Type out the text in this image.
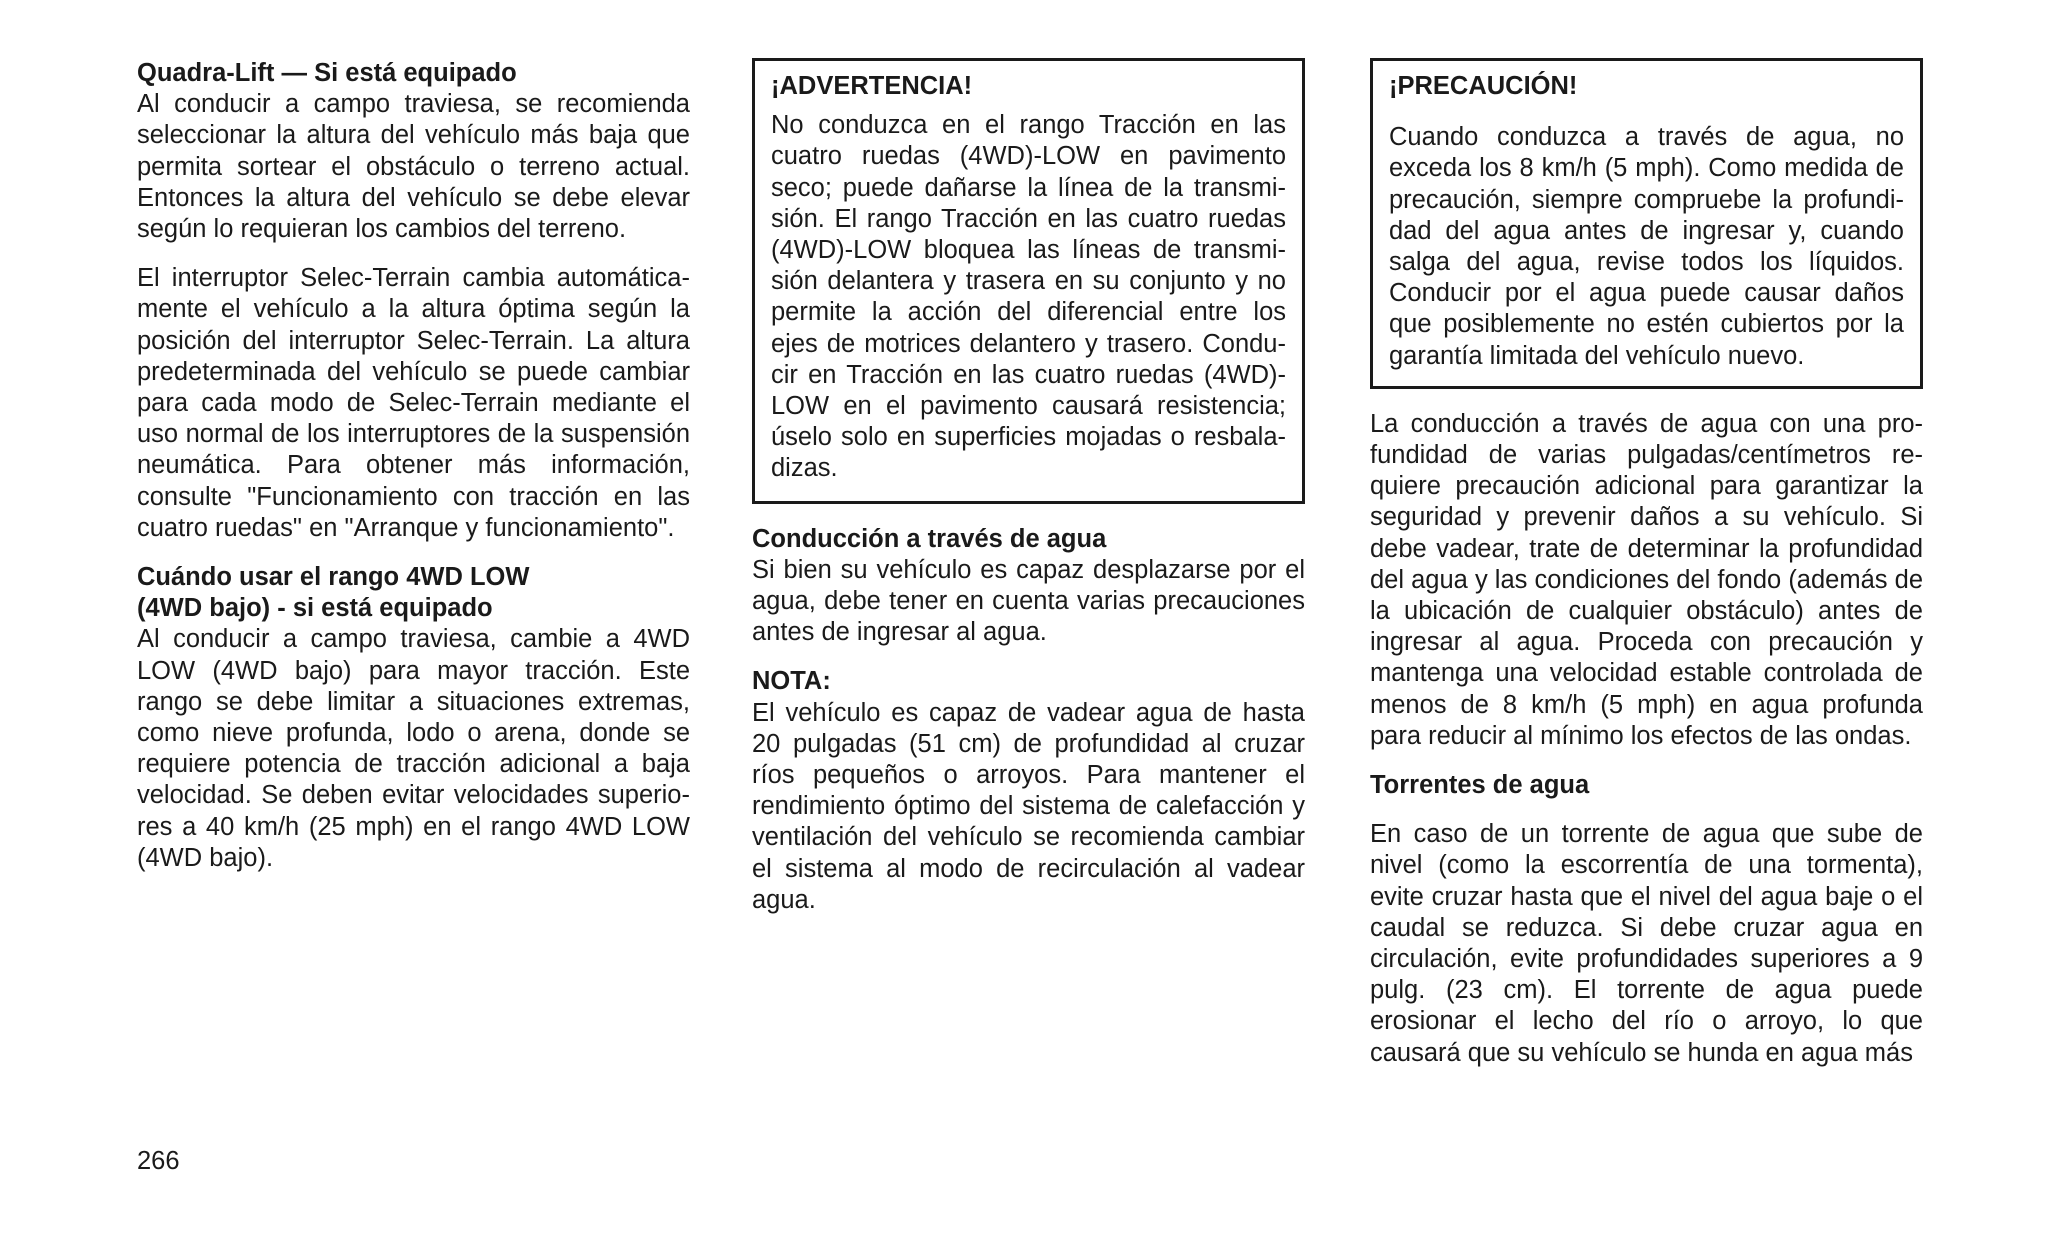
Quadra-Lift — Si está equipado

Al conducir a campo traviesa, se recomienda seleccionar la altura del vehículo más baja que permita sortear el obstáculo o terreno actual. Entonces la altura del vehículo se debe elevar según lo requieran los cambios del terreno.

El interruptor Selec-Terrain cambia automáticamente el vehículo a la altura óptima según la posición del interruptor Selec-Terrain. La altura predeterminada del vehículo se puede cambiar para cada modo de Selec-Terrain mediante el uso normal de los interruptores de la suspensión neumática. Para obtener más información, consulte "Funcionamiento con tracción en las cuatro ruedas" en "Arranque y funcionamiento".

Cuándo usar el rango 4WD LOW
(4WD bajo) - si está equipado

Al conducir a campo traviesa, cambie a 4WD LOW (4WD bajo) para mayor tracción. Este rango se debe limitar a situaciones extremas, como nieve profunda, lodo o arena, donde se requiere potencia de tracción adicional a baja velocidad. Se deben evitar velocidades superiores a 40 km/h (25 mph) en el rango 4WD LOW (4WD bajo).

¡ADVERTENCIA!

No conduzca en el rango Tracción en las cuatro ruedas (4WD)-LOW en pavimento seco; puede dañarse la línea de la transmisión. El rango Tracción en las cuatro ruedas (4WD)-LOW bloquea las líneas de transmisión delantera y trasera en su conjunto y no permite la acción del diferencial entre los ejes de motrices delantero y trasero. Conducir en Tracción en las cuatro ruedas (4WD)-LOW en el pavimento causará resistencia; úselo solo en superficies mojadas o resbaladizas.

Conducción a través de agua

Si bien su vehículo es capaz desplazarse por el agua, debe tener en cuenta varias precauciones antes de ingresar al agua.

NOTA:

El vehículo es capaz de vadear agua de hasta 20 pulgadas (51 cm) de profundidad al cruzar ríos pequeños o arroyos. Para mantener el rendimiento óptimo del sistema de calefacción y ventilación del vehículo se recomienda cambiar el sistema al modo de recirculación al vadear agua.

¡PRECAUCIÓN!

Cuando conduzca a través de agua, no exceda los 8 km/h (5 mph). Como medida de precaución, siempre compruebe la profundidad del agua antes de ingresar y, cuando salga del agua, revise todos los líquidos. Conducir por el agua puede causar daños que posiblemente no estén cubiertos por la garantía limitada del vehículo nuevo.

La conducción a través de agua con una profundidad de varias pulgadas/centímetros requiere precaución adicional para garantizar la seguridad y prevenir daños a su vehículo. Si debe vadear, trate de determinar la profundidad del agua y las condiciones del fondo (además de la ubicación de cualquier obstáculo) antes de ingresar al agua. Proceda con precaución y mantenga una velocidad estable controlada de menos de 8 km/h (5 mph) en agua profunda para reducir al mínimo los efectos de las ondas.

Torrentes de agua

En caso de un torrente de agua que sube de nivel (como la escorrentía de una tormenta), evite cruzar hasta que el nivel del agua baje o el caudal se reduzca. Si debe cruzar agua en circulación, evite profundidades superiores a 9 pulg. (23 cm). El torrente de agua puede erosionar el lecho del río o arroyo, lo que causará que su vehículo se hunda en agua más

266
